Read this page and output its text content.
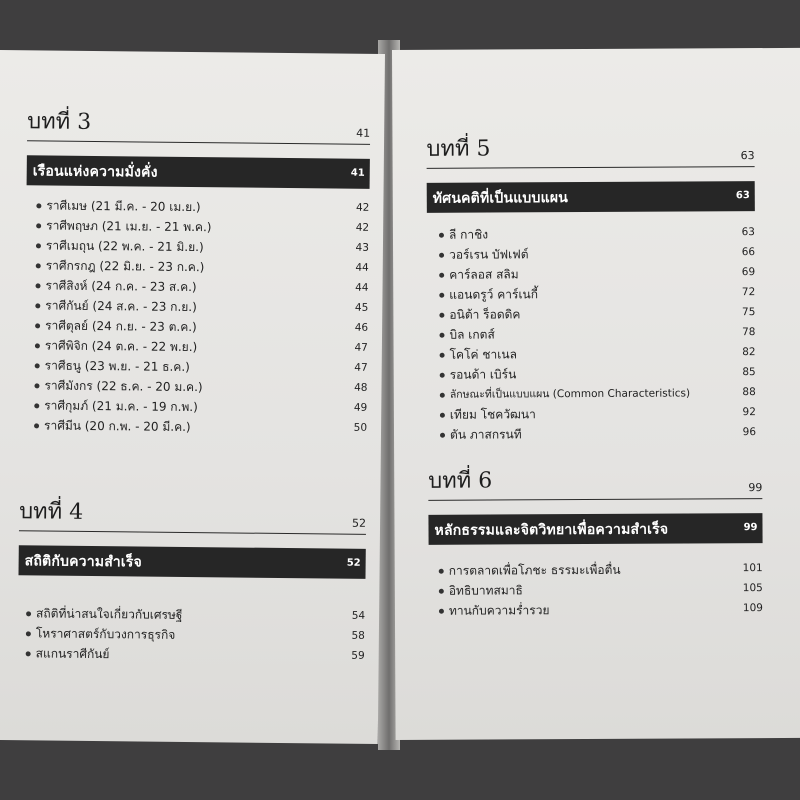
บทที่ 3	41
เรือนแห่งความมั่งคั่ง	41
ราศีเมษ (21 มี.ค. - 20 เม.ย.)	42
ราศีพฤษภ (21 เม.ย. - 21 พ.ค.)	42
ราศีเมถุน (22 พ.ค. - 21 มิ.ย.)	43
ราศีกรกฎ (22 มิ.ย. - 23 ก.ค.)	44
ราศีสิงห์ (24 ก.ค. - 23 ส.ค.)	44
ราศีกันย์ (24 ส.ค. - 23 ก.ย.)	45
ราศีตุลย์ (24 ก.ย. - 23 ต.ค.)	46
ราศีพิจิก (24 ต.ค. - 22 พ.ย.)	47
ราศีธนู (23 พ.ย. - 21 ธ.ค.)	47
ราศีมังกร (22 ธ.ค. - 20 ม.ค.)	48
ราศีกุมภ์ (21 ม.ค. - 19 ก.พ.)	49
ราศีมีน (20 ก.พ. - 20 มี.ค.)	50
บทที่ 4	52
สถิติกับความสำเร็จ	52
สถิติที่น่าสนใจเกี่ยวกับเศรษฐี	54
โหราศาสตร์กับวงการธุรกิจ	58
สแกนราศีกันย์	59
บทที่ 5	63
ทัศนคติที่เป็นแบบแผน	63
ลี กาชิง	63
วอร์เรน บัฟเฟต์	66
คาร์ลอส สลิม	69
แอนดรูว์ คาร์เนกี้	72
อนิต้า ร็อดดิค	75
บิล เกตส์	78
โคโค่ ชาเนล	82
รอนด้า เบิร์น	85
ลักษณะที่เป็นแบบแผน (Common Characteristics)	88
เทียม โชควัฒนา	92
ตัน ภาสกรนที	96
บทที่ 6	99
หลักธรรมและจิตวิทยาเพื่อความสำเร็จ	99
การตลาดเพื่อโภชะ ธรรมะเพื่อตื่น	101
อิทธิบาทสมาธิ	105
ทานกับความร่ำรวย	109
